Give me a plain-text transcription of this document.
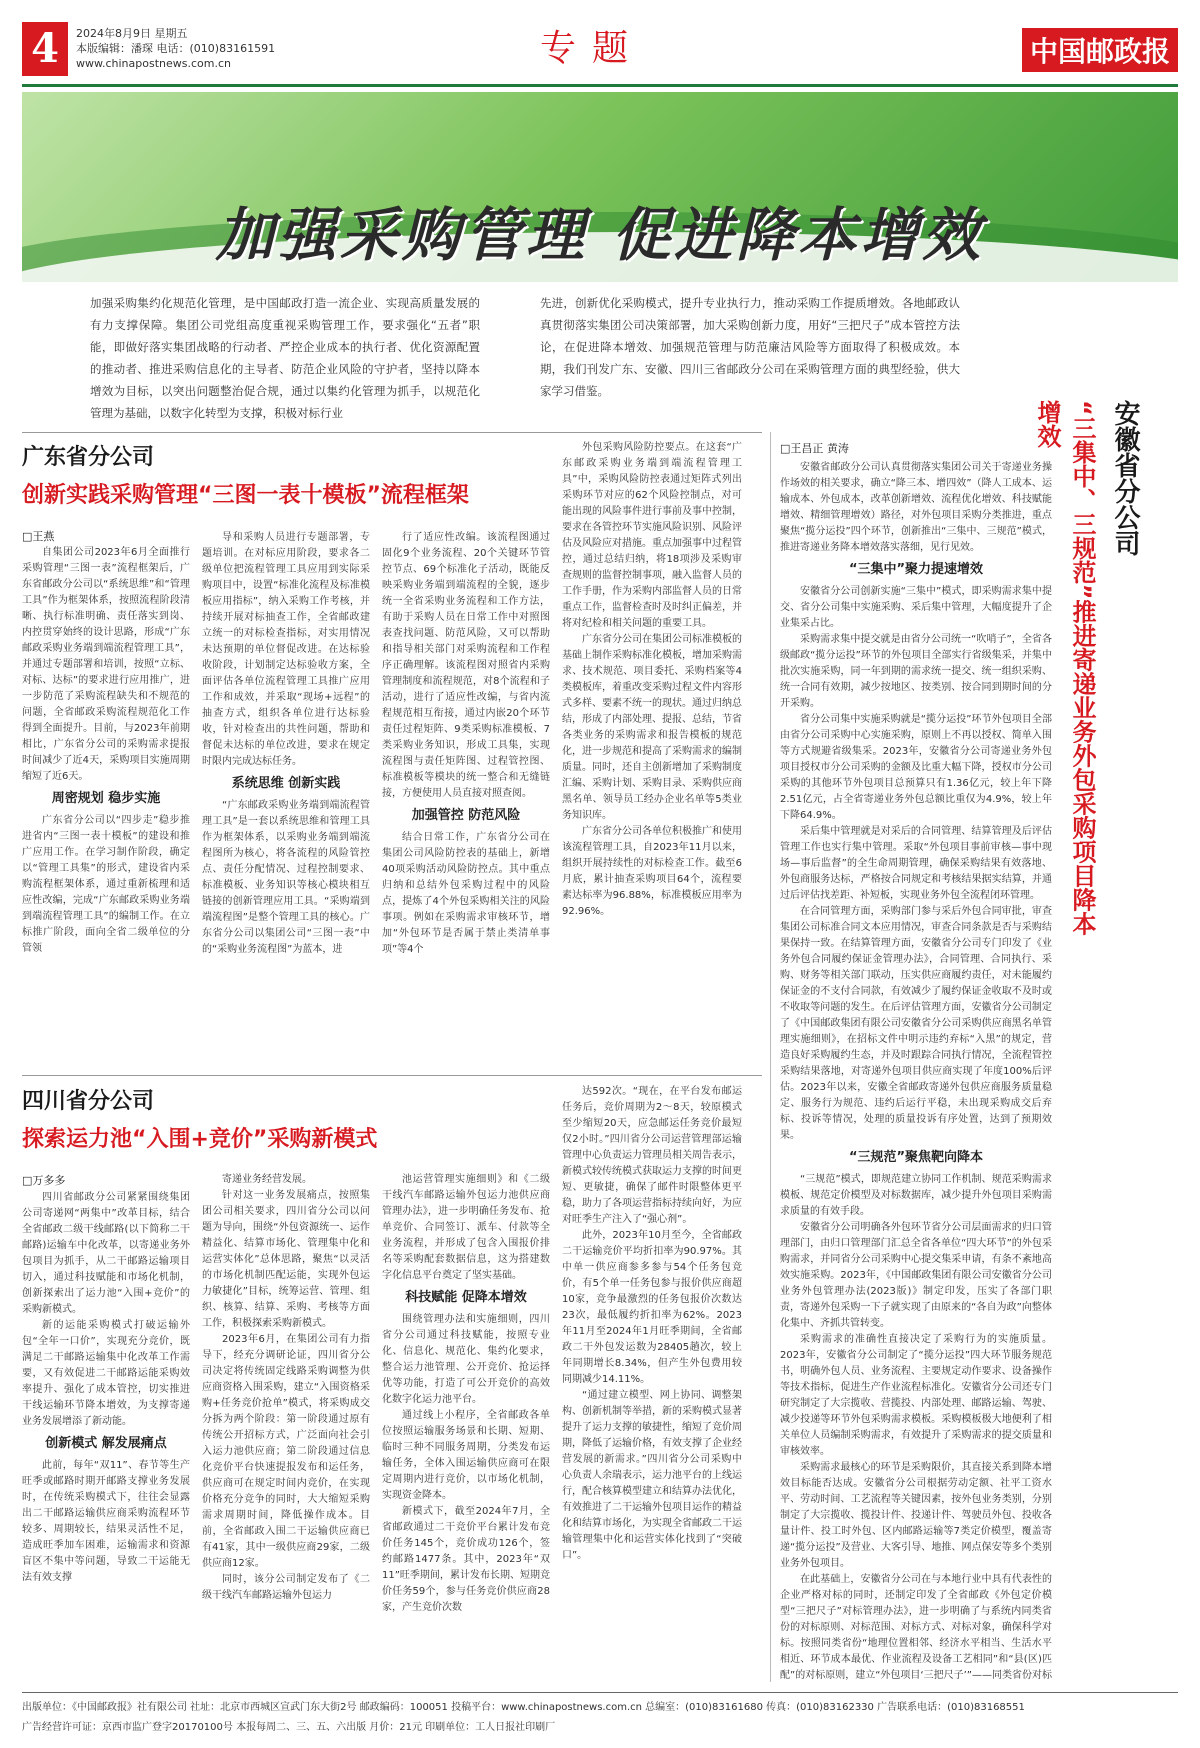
4	2024年8月9日 星期五
本版编辑：潘琛 电话：(010)83161591
www.chinapostnews.com.cn	专题	中国邮政报
加强采购管理 促进降本增效
加强采购集约化规范化管理，是中国邮政打造一流企业、实现高质量发展的有力支撑保障。集团公司党组高度重视采购管理工作，要求强化“五者”职能，即做好落实集团战略的行动者、严控企业成本的执行者、优化资源配置的推动者、推进采购信息化的主导者、防范企业风险的守护者，坚持以降本增效为目标，以突出问题整治促合规，通过以集约化管理为抓手，以规范化管理为基础，以数字化转型为支撑，积极对标行业
先进，创新优化采购模式，提升专业执行力，推动采购工作提质增效。各地邮政认真贯彻落实集团公司决策部署，加大采购创新力度，用好“三把尺子”成本管控方法论，在促进降本增效、加强规范管理与防范廉洁风险等方面取得了积极成效。本期，我们刊发广东、安徽、四川三省邮政分公司在采购管理方面的典型经验，供大家学习借鉴。
广东省分公司
创新实践采购管理“三图一表十模板”流程框架
□王燕

自集团公司2023年6月全面推行采购管理“三图一表”流程框架后，广东省邮政分公司以“系统思维”和“管理工具”作为框架体系，按照流程阶段清晰、执行标准明确、责任落实到岗、内控贯穿始终的设计思路，形成“广东邮政采购业务端到端流程管理工具”，并通过专题部署和培训，按照“立标、对标、达标”的要求进行应用推广，进一步防范了采购流程缺失和不规范的问题，全省邮政采购流程规范化工作得到全面提升。目前，与2023年前期相比，广东省分公司的采购需求提报时间减少了近4天，采购项目实施周期缩短了近6天。

周密规划 稳步实施

广东省分公司以“四步走”稳步推进省内“三图一表十模板”的建设和推广应用工作。在学习制作阶段，确定以“管理工具集”的形式，建设省内采购流程框架体系，通过重新梳理和适应性改编，完成“广东邮政采购业务端到端流程管理工具”的编制工作。在立标推广阶段，面向全省二级单位的分管领

导和采购人员进行专题部署，专题培训。在对标应用阶段，要求各二级单位把流程管理工具应用到实际采购项目中，设置“标准化流程及标准模板应用指标”，纳入采购工作考核，并持续开展对标抽查工作，全省邮政建立统一的对标检查指标，对实用情况未达预期的单位督促改进。在达标验收阶段，计划制定达标验收方案，全面评估各单位流程管理工具推广应用工作和成效，并采取“现场+远程”的抽查方式，组织各单位进行达标验收，针对检查出的共性问题，帮助和督促未达标的单位改进，要求在规定时限内完成达标任务。

系统思维 创新实践

“广东邮政采购业务端到端流程管理工具”是一套以系统思维和管理工具作为框架体系，以采购业务端到端流程图所为核心，将各流程的风险管控点、责任分配情况、过程控制要求、标准模板、业务知识等核心模块相互链接的创新管理应用工具。“采购端到端流程图”是整个管理工具的核心。广东省分公司以集团公司“三图一表”中的“采购业务流程图”为蓝本，进

行了适应性改编。该流程图通过固化9个业务流程、20个关键环节管控节点、69个标准化子活动，既能反映采购业务端到端流程的全貌，逐步统一全省采购业务流程和工作方法，有助于采购人员在日常工作中对照图表查找问题、防范风险，又可以帮助和指导相关部门对采购流程和工作程序正确理解。该流程图对照省内采购管理制度和流程规范，对8个流程和子活动，进行了适应性改编，与省内流程规范相互衔接，通过内嵌20个环节责任过程矩阵、9类采购标准模板、7类采购业务知识，形成工具集，实现流程图与责任矩阵图、过程管控图、标准模板等模块的统一整合和无缝链接，方便使用人员直接对照查阅。

加强管控 防范风险

结合日常工作，广东省分公司在集团公司风险防控表的基础上，新增40项采购活动风险防控点。其中重点归纳和总结外包采购过程中的风险点，提炼了4个外包采购相关注的风险事项。例如在采购需求审核环节，增加“外包环节是否属于禁止类清单事项”等4个

外包采购风险防控要点。在这套“广东邮政采购业务端到端流程管理工具”中，采购风险防控表通过矩阵式列出采购环节对应的62个风险控制点，对可能出现的风险事件进行事前及事中控制，要求在各管控环节实施风险识别、风险评估及风险应对措施。重点加强事中过程管控，通过总结归纳，将18项涉及采购审查规则的监督控制事项，融入监督人员的工作手册，作为采购内部监督人员的日常重点工作，监督检查时及时纠正偏差，并将对纪检和相关问题的重要工具。

广东省分公司在集团公司标准模板的基础上制作采购标准化模板，增加采购需求、技术规范、项目委托、采购档案等4类模板库，着重改变采购过程文件内容形式多样、要素不统一的现状。通过归纳总结，形成了内部处理、提报、总结，节省各类业务的采购需求和报告模板的规范化，进一步规范和提高了采购需求的编制质量。同时，还自主创新增加了采购制度汇编、采购计划、采购目录、采购供应商黑名单、领导员工经办企业名单等5类业务知识库。

广东省分公司各单位积极推广和使用该流程管理工具，自2023年11月以来，组织开展持续性的对标检查工作。截至6月底，累计抽查采购项目64个，流程要素达标率为96.88%，标准模板应用率为92.96%。

四川省分公司
探索运力池“入围+竞价”采购新模式
□万多多

四川省邮政分公司紧紧围绕集团公司寄递网“两集中”改革目标，结合全省邮政二级干线邮路(以下简称二干邮路)运输车中化改革，以寄递业务外包项目为抓手，从二干邮路运输项目切入，通过科技赋能和市场化机制，创新探索出了运力池“入围+竞价”的采购新模式。

新的运能采购模式打破运输外包“全年一口价”，实现充分竞价，既满足二干邮路运输集中化改革工作需要，又有效促进二干邮路运能采购效率提升、强化了成本管控，切实推进干线运输环节降本增效，为支撑寄递业务发展增添了新动能。

创新模式 解发展痛点

此前，每年“双11”、春节等生产旺季或邮路时期开邮路支撑业务发展时，在传统采购模式下，往往会显露出二干邮路运输供应商采购流程环节较多、周期较长，结果灵活性不足，造成旺季加车困难，运输需求和资源盲区不集中等问题，导致二干运能无法有效支撑

寄递业务经营发展。

针对这一业务发展痛点，按照集团公司相关要求，四川省分公司以问题为导向，围绕“外包资源统一、运作精益化、结算市场化、管理集中化和运营实体化”总体思路，聚焦“以灵活的市场化机制匹配运能，实现外包运力敏捷化”目标，统筹运营、管理、组织、核算、结算、采购、考核等方面工作，积极探索采购新模式。

2023年6月，在集团公司有力指导下，经充分调研论证，四川省分公司决定将传统固定线路采购调整为供应商资格入围采购，建立“入围资格采购+任务竞价抢单”模式，将采购成交分拆为两个阶段：第一阶段通过原有传统公开招标方式，广泛面向社会引入运力池供应商；第二阶段通过信息化竞价平台快速提报发布和运任务，供应商可在规定时间内竞价，在实现价格充分竞争的同时，大大缩短采购需求周期时间，降低操作成本。目前，全省邮政入围二干运输供应商已有41家，其中一级供应商29家，二级供应商12家。

同时，该分公司制定发布了《二级干线汽车邮路运输外包运力

池运营管理实施细则》和《二级干线汽车邮路运输外包运力池供应商管理办法》，进一步明确任务发布、抢单竞价、合同签订、派车、付款等全业务流程，并形成了包含入围报价排名等采购配套数据信息，这为搭建数字化信息平台奠定了坚实基础。

科技赋能 促降本增效

围绕管理办法和实施细则，四川省分公司通过科技赋能，按照专业化、信息化、规范化、集约化要求，整合运力池管理、公开竞价、抢运择优等功能，打造了可公开竞价的高效化数字化运力池平台。

通过线上小程序，全省邮政各单位按照运输服务场景和长期、短期、临时三种不同服务周期，分类发布运输任务，全体入围运输供应商可在限定周期内进行竞价，以市场化机制，实现资金降本。

新模式下，截至2024年7月，全省邮政通过二干竞价平台累计发布竞价任务145个，竞价成功126个，签约邮路1477条。其中，2023年“双11”旺季期间，累计发布长期、短期竞价任务59个，参与任务竞价供应商28家，产生竞价次数

达592次。“现在，在平台发布邮运任务后，竞价周期为2～8天，较原模式至少缩短20天，应急邮运任务竞价最短仅2小时。”四川省分公司运营管理部运输管理中心负责运力管理员相关周告表示，新模式较传统模式获取运力支撑的时间更短、更敏捷，确保了邮件时限整体更平稳，助力了各项运营指标持续向好，为应对旺季生产注入了“强心剂”。

此外，2023年10月至今，全省邮政二干运输竞价平均折扣率为90.97%。其中单一供应商参多参与54个任务包竞价，有5个单一任务包参与报价供应商超10家，竞争最激烈的任务包报价次数达23次，最低履约折扣率为62%。2023年11月至2024年1月旺季期间，全省邮政二干外包发运数为28405趟次，较上年同期增长8.34%，但产生外包费用较同期减少14.11%。

“通过建立模型、网上协同、调整架构、创新机制等举措，新的采购模式显著提升了运力支撑的敏捷性，缩短了竞价周期，降低了运输价格，有效支撑了企业经营发展的新需求。”四川省分公司采购中心负责人余瑞表示，运力池平台的上线运行，配合核算模型建立和结算办法优化，有效推进了二干运输外包项目运作的精益化和结算市场化，为实现全省邮政二干运输管理集中化和运营实体化找到了“突破口”。

安徽省分公司
“三集中、三规范”推进寄递业务外包采购项目降本增效
□王昌正 黄涛

安徽省邮政分公司认真贯彻落实集团公司关于寄递业务操作场效的相关要求，确立“降三本、增四效”（降人工成本、运输成本、外包成本，改革创新增效、流程优化增效、科技赋能增效、精细管理增效）路径，对外包项目采购分类推进，重点聚焦“揽分运投”四个环节，创新推出“三集中、三规范”模式，推进寄递业务降本增效落实落细，见行见效。

“三集中”聚力提速增效

安徽省分公司创新实施“三集中”模式，即采购需求集中提交、省分公司集中实施采购、采后集中管理，大幅度提升了企业集采占比。

采购需求集中提交就是由省分公司统一“吹哨子”，全省各级邮政“揽分运投”环节的外包项目全部实行省级集采，并集中批次实施采购，同一年到期的需求统一提交、统一组织采购、统一合同有效期，减少按地区、按类别、按合同到期时间的分开采购。

省分公司集中实施采购就是“揽分运投”环节外包项目全部由省分公司采购中心实施采购，原则上不再以授权、简单入围等方式规避省级集采。2023年，安徽省分公司寄递业务外包项目授权市分公司采购的金额及比重大幅下降，授权市分公司采购的其他环节外包项目总预算只有1.36亿元，较上年下降2.51亿元，占全省寄递业务外包总额比重仅为4.9%，较上年下降64.9%。

采后集中管理就是对采后的合同管理、结算管理及后评估管理工作也实行集中管理。采取“外包项目事前审核—事中现场—事后监督”的全生命周期管理，确保采购结果有效落地、外包商服务达标，严格按合同规定和考核结果据实结算，并通过后评估找差距、补短板，实现业务外包全流程闭环管理。

在合同管理方面，采购部门参与采后外包合同审批，审查集团公司标准合同文本应用情况，审查合同条款是否与采购结果保持一致。在结算管理方面，安徽省分公司专门印发了《业务外包合同履约保证金管理办法》，合同管理、合同执行、采购、财务等相关部门联动，压实供应商履约责任，对未能履约保证金的不支付合同款，有效减少了履约保证金收取不及时或不收取等问题的发生。在后评估管理方面，安徽省分公司制定了《中国邮政集团有限公司安徽省分公司采购供应商黑名单管理实施细则》，在招标文件中明示违约弃标“入黑”的规定，营造良好采购履约生态，并及时跟踪合同执行情况，全流程管控采购结果落地，对寄递外包项目供应商实现了年度100%后评估。2023年以来，安徽全省邮政寄递外包供应商服务质量稳定、服务行为规范、违约后运行平稳，未出现采购成交后弃标、投诉等情况，处理的质量投诉有序处置，达到了预期效果。

“三规范”聚焦靶向降本

“三规范”模式，即规范建立协同工作机制、规范采购需求模板、规范定价模型及对标数据库，减少提升外包项目采购需求质量的有效手段。

安徽省分公司明确各外包环节省分公司层面需求的归口管理部门，由归口管理部门汇总全省各单位“四大环节”的外包采购需求，并同省分公司采购中心提交集采申请，有条不紊地高效实施采购。2023年，《中国邮政集团有限公司安徽省分公司业务外包管理办法(2023版)》制定印发，压实了各部门职责，寄递外包采购一下子就实现了由原来的“各自为政”向整体化集中、齐抓共管转变。

采购需求的准确性直接决定了采购行为的实施质量。2023年，安徽省分公司制定了“揽分运投”四大环节服务规范书，明确外包人员、业务流程、主要规定动作要求、设备操作等技术指标，促进生产作业流程标准化。安徽省分公司还专门研究制定了大宗揽收、营揽投、内部处理、邮路运输、驾驶、减少投递等环节外包采购需求模板。采购模板极大地便利了相关单位人员编制采购需求，有效提升了采购需求的提交质量和审核效率。

采购需求最核心的环节是采购限价，其直接关系到降本增效目标能否达成。安徽省分公司根据劳动定额、社平工资水平、劳动时间、工艺流程等关键因素，按外包业务类别，分别制定了大宗揽收、揽投计件、投递计件、驾驶员外包、投收各量计件、投工时外包、区内邮路运输等7类定价模型，覆盖寄递“揽分运投”及营业、大客引导、地推、网点保安等多个类别业务外包项目。

在此基础上，安徽省分公司在与本地行业中具有代表性的企业严格对标的同时，还制定印发了全省邮政《外包定价模型“三把尺子”对标管理办法》，进一步明确了与系统内同类省份的对标原则、对标范围、对标方式、对标对象，确保科学对标。按照同类省份“地理位置相邻、经济水平相当、生活水平相近、环节成本最优、作业流程及设备工艺相同”和“县(区)匹配”的对标原则，建立“外包项目‘三把尺子’”——同类省份对标

出版单位：《中国邮政报》社有限公司 社址：北京市西城区宣武门东大街2号 邮政编码：100051 投稿平台：www.chinapostnews.com.cn 总编室：(010)83161680 传真：(010)83162330 广告联系电话：(010)83168551
广告经营许可证：京西市监广登字20170100号 本报每周二、三、五、六出版 月价：21元 印刷单位：工人日报社印刷厂
